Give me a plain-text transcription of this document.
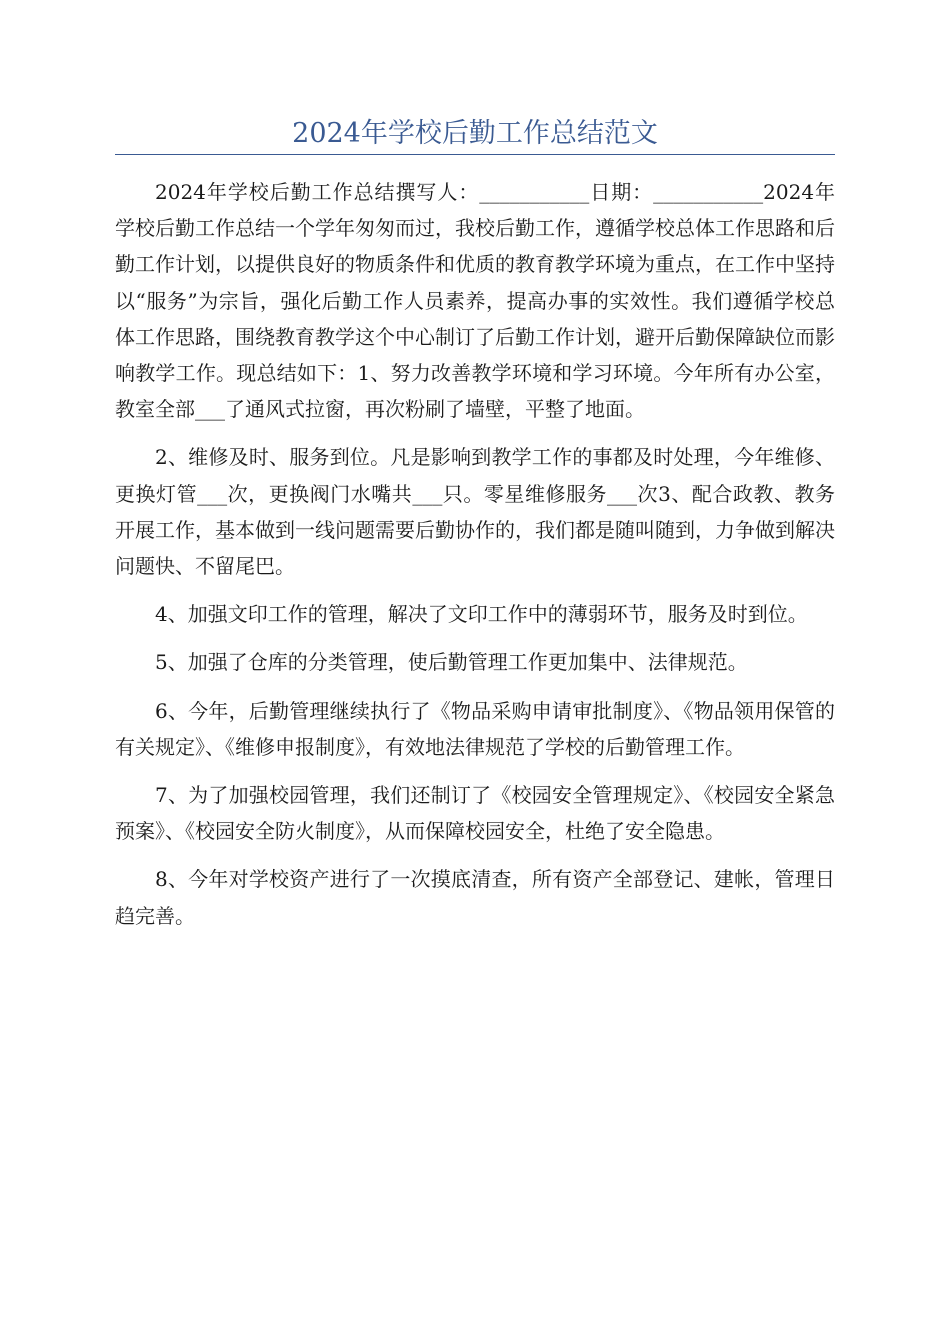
2024年学校后勤工作总结范文

2024年学校后勤工作总结撰写人：___________日期：___________2024年学校后勤工作总结一个学年匆匆而过，我校后勤工作，遵循学校总体工作思路和后勤工作计划，以提供良好的物质条件和优质的教育教学环境为重点，在工作中坚持以“服务”为宗旨，强化后勤工作人员素养，提高办事的实效性。我们遵循学校总体工作思路，围绕教育教学这个中心制订了后勤工作计划，避开后勤保障缺位而影响教学工作。现总结如下：1、努力改善教学环境和学习环境。今年所有办公室，教室全部___了通风式拉窗，再次粉刷了墙壁，平整了地面。

2、维修及时、服务到位。凡是影响到教学工作的事都及时处理，今年维修、更换灯管___次，更换阀门水嘴共___只。零星维修服务___次3、配合政教、教务开展工作，基本做到一线问题需要后勤协作的，我们都是随叫随到，力争做到解决问题快、不留尾巴。

4、加强文印工作的管理，解决了文印工作中的薄弱环节，服务及时到位。

5、加强了仓库的分类管理，使后勤管理工作更加集中、法律规范。

6、今年，后勤管理继续执行了《物品采购申请审批制度》、《物品领用保管的有关规定》、《维修申报制度》，有效地法律规范了学校的后勤管理工作。

7、为了加强校园管理，我们还制订了《校园安全管理规定》、《校园安全紧急预案》、《校园安全防火制度》，从而保障校园安全，杜绝了安全隐患。

8、今年对学校资产进行了一次摸底清查，所有资产全部登记、建帐，管理日趋完善。
